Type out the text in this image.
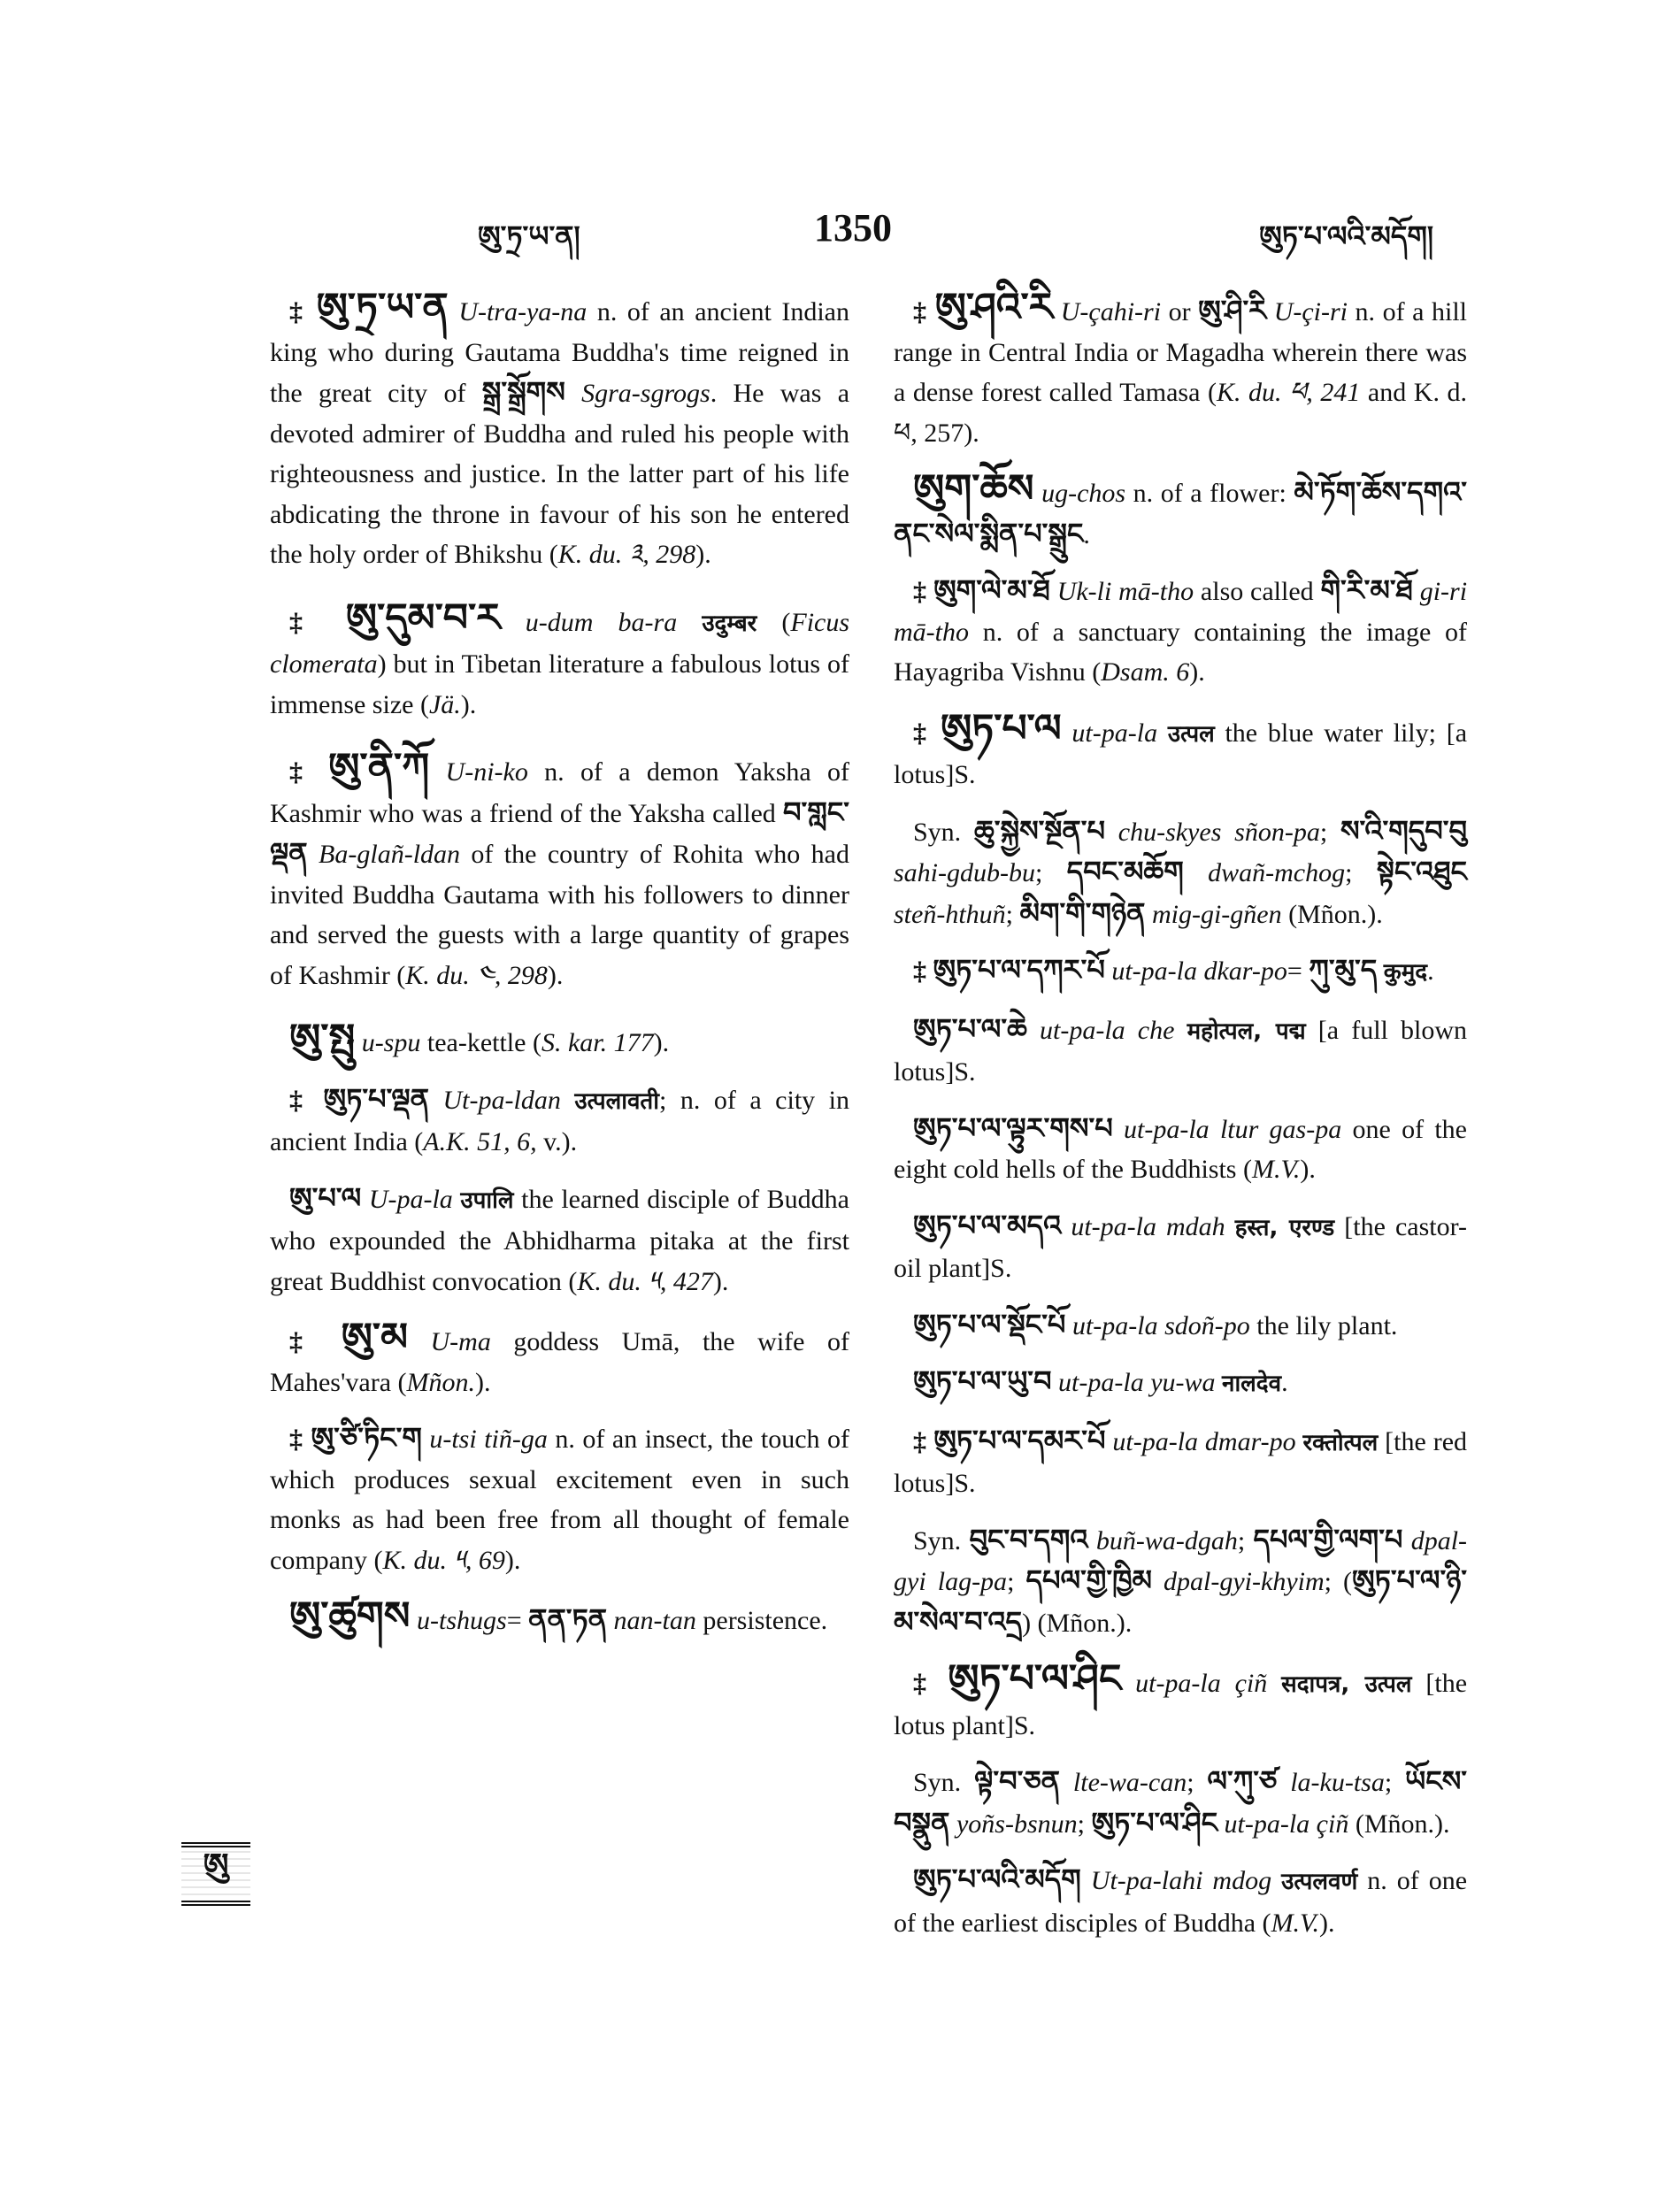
ཨུ་ཏྲ་ཡ་ན།	1350	ཨུཏ་པ་ལའི་མདོག།
ཨུ

‡ ཨུ་ཏྲ་ཡ་ན U-tra-ya-na n. of an ancient Indian king who during Gautama Buddha's time reigned in the great city of སྒྲ་སྒྲོགས Sgra-sgrogs. He was a devoted admirer of Buddha and ruled his people with righteousness and justice. In the latter part of his life abdicating the throne in favour of his son he entered the holy order of Bhikshu (K. du. ༣, 298).

‡ ཨུ་དུམ་བ་ར u-dum ba-ra उदुम्बर (Ficus clomerata) but in Tibetan literature a fabulous lotus of immense size (Jä.).

‡ ཨུ་ནི་ཀོ U-ni-ko n. of a demon Yaksha of Kashmir who was a friend of the Yaksha called བ་གླང་ལྡན Ba-glañ-ldan of the country of Rohita who had invited Buddha Gautama with his followers to dinner and served the guests with a large quantity of grapes of Kashmir (K. du. ༤, 298).

ཨུ་སྤུ u-spu tea-kettle (S. kar. 177).

‡ ཨུཏ་པ་ལྡན Ut-pa-ldan उत्पलावती; n. of a city in ancient India (A.K. 51, 6, v.).

ཨུ་པ་ལ U-pa-la उपालि the learned disciple of Buddha who expounded the Abhidharma pitaka at the first great Buddhist convocation (K. du. ༥, 427).

‡ ཨུ་མ U-ma goddess Umā, the wife of Mahes'vara (Mñon.).

‡ ཨུ་ཙི་ཏིང་ག u-tsi tiñ-ga n. of an insect, the touch of which produces sexual excitement even in such monks as had been free from all thought of female company (K. du. ༥, 69).

ཨུ་ཚུགས u-tshugs= ནན་ཏན nan-tan persistence.

‡ ཨུ་ཤའི་རི U-çahi-ri or ཨུ་ཤི་རི U-çi-ri n. of a hill range in Central India or Magadha wherein there was a dense forest called Tamasa (K. du. ཕ, 241 and K. d. ཕ, 257).

ཨུག་ཆོས ug-chos n. of a flower: མེ་ཏོག་ཆོས་དགའ་ནང་སེལ་སྨིན་པ་སྒྲུང.

‡ ཨུག་ལེ་མ་ཐོ Uk-li mā-tho also called གི་རི་མ་ཐོ gi-ri mā-tho n. of a sanctuary containing the image of Hayagriba Vishnu (Dsam. 6).

‡ ཨུཏ་པ་ལ ut-pa-la उत्पल the blue water lily; [a lotus]S.

Syn. ཆུ་སྐྱེས་སྔོན་པ chu-skyes sñon-pa; ས་འི་གདུབ་བུ sahi-gdub-bu; དབང་མཆོག dwañ-mchog; སྟེང་འཐུང steñ-hthuñ; མིག་གི་གཉེན mig-gi-gñen (Mñon.).

‡ ཨུཏ་པ་ལ་དཀར་པོ ut-pa-la dkar-po= ཀུ་མུ་ད कुमुद.

ཨུཏ་པ་ལ་ཆེ ut-pa-la che महोत्पल, पद्म [a full blown lotus]S.

ཨུཏ་པ་ལ་ལྟུར་གས་པ ut-pa-la ltur gas-pa one of the eight cold hells of the Buddhists (M.V.).

ཨུཏ་པ་ལ་མདའ ut-pa-la mdah हस्त, एरण्ड [the castor-oil plant]S.

ཨུཏ་པ་ལ་སྡོང་པོ ut-pa-la sdoñ-po the lily plant.

ཨུཏ་པ་ལ་ཡུ་བ ut-pa-la yu-wa नालदेव.

‡ ཨུཏ་པ་ལ་དམར་པོ ut-pa-la dmar-po रक्तोत्पल [the red lotus]S.

Syn. བུང་བ་དགའ buñ-wa-dgah; དཔལ་གྱི་ལག་པ dpal-gyi lag-pa; དཔལ་གྱི་ཁྱིམ dpal-gyi-khyim; (ཨུཏ་པ་ལ་ཉི་མ་སེལ་བ་འདྲ) (Mñon.).

‡ ཨུཏ་པ་ལ་ཤིང ut-pa-la çiñ सदापत्र, उत्पल [the lotus plant]S.

Syn. ལྟེ་བ་ཅན lte-wa-can; ལ་ཀུ་ཙ la-ku-tsa; ཡོངས་བསྣུན yoñs-bsnun; ཨུཏ་པ་ལ་ཤིང ut-pa-la çiñ (Mñon.).

ཨུཏ་པ་ལའི་མདོག Ut-pa-lahi mdog उत्पलवर्ण n. of one of the earliest disciples of Buddha (M.V.).
